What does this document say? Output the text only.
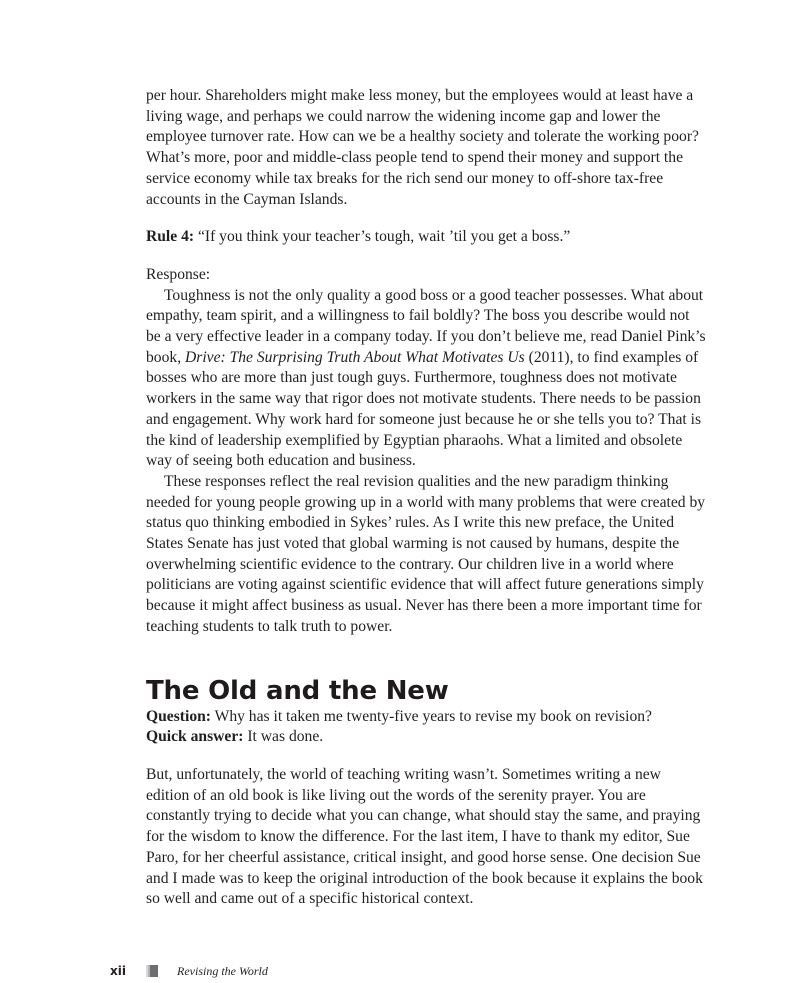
per hour. Shareholders might make less money, but the employees would at least have a living wage, and perhaps we could narrow the widening income gap and lower the employee turnover rate. How can we be a healthy society and tolerate the working poor? What’s more, poor and middle-class people tend to spend their money and support the service economy while tax breaks for the rich send our money to off-shore tax-free accounts in the Cayman Islands.

Rule 4: “If you think your teacher’s tough, wait ’til you get a boss.”

Response:

Toughness is not the only quality a good boss or a good teacher possesses. What about empathy, team spirit, and a willingness to fail boldly? The boss you describe would not be a very effective leader in a company today. If you don’t believe me, read Daniel Pink’s book, Drive: The Surprising Truth About What Motivates Us (2011), to find examples of bosses who are more than just tough guys. Furthermore, toughness does not motivate workers in the same way that rigor does not motivate students. There needs to be passion and engagement. Why work hard for someone just because he or she tells you to? That is the kind of leadership exemplified by Egyptian pharaohs. What a limited and obsolete way of seeing both education and business.

These responses reflect the real revision qualities and the new paradigm thinking needed for young people growing up in a world with many problems that were created by status quo thinking embodied in Sykes’ rules. As I write this new preface, the United States Senate has just voted that global warming is not caused by humans, despite the overwhelming scientific evidence to the contrary. Our children live in a world where politicians are voting against scientific evidence that will affect future generations simply because it might affect business as usual. Never has there been a more important time for teaching students to talk truth to power.

The Old and the New

Question: Why has it taken me twenty-five years to revise my book on revision?

Quick answer: It was done.

But, unfortunately, the world of teaching writing wasn’t. Sometimes writing a new edition of an old book is like living out the words of the serenity prayer. You are constantly trying to decide what you can change, what should stay the same, and praying for the wisdom to know the difference. For the last item, I have to thank my editor, Sue Paro, for her cheerful assistance, critical insight, and good horse sense. One decision Sue and I made was to keep the original introduction of the book because it explains the book so well and came out of a specific historical context.

xii	Revising the World
